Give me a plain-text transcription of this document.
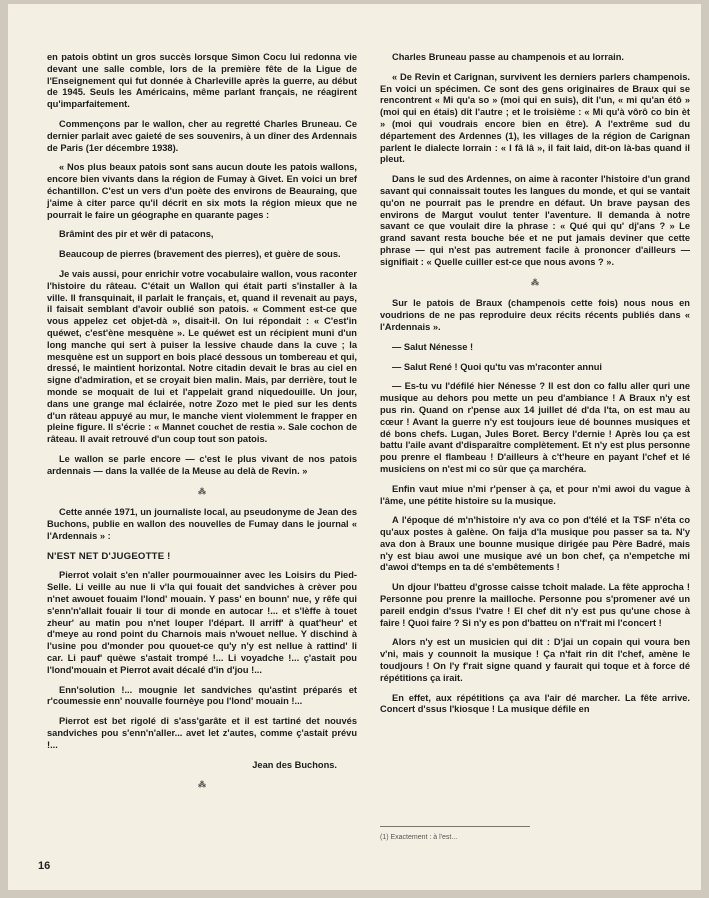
en patois obtint un gros succès lorsque Simon Cocu lui redonna vie devant une salle comble, lors de la première fête de la Ligue de l'Enseignement qui fut donnée à Charleville après la guerre, au début de 1945. Seuls les Américains, même parlant français, ne réagirent qu'imparfaitement.

Commençons par le wallon, cher au regretté Charles Bruneau. Ce dernier parlait avec gaieté de ses souvenirs, à un dîner des Ardennais de Paris (1er décembre 1938).

« Nos plus beaux patois sont sans aucun doute les patois wallons, encore bien vivants dans la région de Fumay à Givet. En voici un bref échantillon. C'est un vers d'un poète des environs de Beauraing, que j'aime à citer parce qu'il décrit en six mots la région mieux que ne pourrait le faire un géographe en quarante pages :

Brâmint des pir et wêr di patacons,

Beaucoup de pierres (bravement des pierres), et guère de sous.

Je vais aussi, pour enrichir votre vocabulaire wallon, vous raconter l'histoire du râteau. C'était un Wallon qui était parti s'installer à la ville. Il fransquinait, il parlait le français, et, quand il revenait au pays, il faisait semblant d'avoir oublié son patois. « Comment est-ce que vous appelez cet objet-dà », disait-il. On lui répondait : « C'est'in quéwet, c'est'ène mesquène ». Le quéwet est un récipient muni d'un long manche qui sert à puiser la lessive chaude dans la cuve ; la mesquène est un support en bois placé dessous un tombereau et qui, dressé, le maintient horizontal. Notre citadin devait le bras au ciel en signe d'admiration, et se croyait bien malin. Mais, par derrière, tout le monde se moquait de lui et l'appelait grand niquedouille. Un jour, dans une grange mal éclairée, notre Zozo met le pied sur les dents d'un râteau appuyé au mur, le manche vient violemment le frapper en pleine figure. Il s'écrie : « Mannet couchet de restia ». Sale cochon de râteau. Il avait retrouvé d'un coup tout son patois.

Le wallon se parle encore — c'est le plus vivant de nos patois ardennais — dans la vallée de la Meuse au delà de Revin. »

⁂

Cette année 1971, un journaliste local, au pseudonyme de Jean des Buchons, publie en wallon des nouvelles de Fumay dans le journal « l'Ardennais » :

N'EST NET D'JUGEOTTE !

Pierrot volait s'en n'aller pourmouainner avec les Loisirs du Pied-Selle. Li veille au nue li v'la qui fouait det sandviches à crèver pou n'net awouet fouaim l'lond' mouain. Y pass' en bounn' nue, y rêfe qui s'enn'n'allait fouair li tour di monde en autocar !... et s'lèffe à touet zheur' au matin pou n'net louper l'départ. Il arriff' à quat'heur' et d'meye au rond point du Charnois mais n'wouet nellue. Y dischind à l'usine pou d'monder pou quouet-ce qu'y n'y est nellue à rattind' li car. Li pauf' quèwe s'astait trompé !... Li voyadche !... ç'astait pou l'lond'mouain et Pierrot avait décalé d'in d'jou !...

Enn'solution !... mougnie let sandviches qu'astint préparés et r'coumessie enn' nouvalle fournèye pou l'lond' mouain !...

Pierrot est bet rigolé di s'ass'garâte et il est tartiné det nouvés sandviches pou s'enn'n'aller... avet let z'autes, comme ç'astait prévu !...

Jean des Buchons.

⁂

Charles Bruneau passe au champenois et au lorrain.

« De Revin et Carignan, survivent les derniers parlers champenois. En voici un spécimen. Ce sont des gens originaires de Braux qui se rencontrent « Mi qu'a so » (moi qui en suis), dit l'un, « mi qu'an étô » (moi qui en étais) dit l'autre ; et le troisième : « Mi qu'à vôrô co bin èt » (moi qui voudrais encore bien en être). A l'extrême sud du département des Ardennes (1), les villages de la région de Carignan parlent le dialecte lorrain : « I fâ lâ », il fait laid, dit-on là-bas quand il pleut.

Dans le sud des Ardennes, on aime à raconter l'histoire d'un grand savant qui connaissait toutes les langues du monde, et qui se vantait qu'on ne pourrait pas le prendre en défaut. Un brave paysan des environs de Margut voulut tenter l'aventure. Il demanda à notre savant ce que voulait dire la phrase : « Qué qui qu' dj'ans ? » Le grand savant resta bouche bée et ne put jamais deviner que cette phrase — qui n'est pas autrement facile à prononcer d'ailleurs — signifiait : « Quelle cuiller est-ce que nous avons ? ».

⁂

Sur le patois de Braux (champenois cette fois) nous nous en voudrions de ne pas reproduire deux récits récents publiés dans « l'Ardennais ».

— Salut Nénesse !

— Salut René ! Quoi qu'tu vas m'raconter annui

— Es-tu vu l'défilé hier Nénesse ? Il est don co fallu aller quri une musique au dehors pou mette un peu d'ambiance ! A Braux n'y est pus rin. Quand on r'pense aux 14 juillet dé d'da l'ta, on est mau au cœur ! Avant la guerre n'y est toujours ieue dé bounnes musiques et dé bons chefs. Lugan, Jules Boret. Bercy l'dernie ! Après lou ça est battu l'aile avant d'disparaître complètement. Et n'y est plus personne pou prenre el flambeau ! D'ailleurs à c't'heure en payant l'chef et lé musiciens on n'est mi co sûr que ça marchéra.

Enfin vaut miue n'mi r'penser à ça, et pour n'mi awoi du vague à l'âme, une pétite histoire su la musique.

A l'époque dé m'n'histoire n'y ava co pon d'télé et la TSF n'éta co qu'aux postes à galène. On faija d'la musique pou passer sa ta. N'y ava don à Braux une bounne musique dirigée pau Père Badré, mais n'y est biau awoi une musique avé un bon chef, ça n'empetche mi d'awoi d'temps en ta dé s'embêtements !

Un djour l'batteu d'grosse caisse tchoit malade. La fête approcha ! Personne pou prenre la mailloche. Personne pou s'promener avé un pareil endgin d'ssus l'vatre ! El chef dit n'y est pus qu'une chose à faire ! Quoi faire ? Si n'y es pon d'batteu on n'f'rait mi l'concert !

Alors n'y est un musicien qui dit : D'jai un copain qui voura ben v'ni, mais y counnoit la musique ! Ça n'fait rin dit l'chef, amène le toudjours ! On l'y f'rait signe quand y faurait qui toque et à force dé répétitions ça irait.

En effet, aux répétitions ça ava l'air dé marcher. La fête arrive. Concert d'ssus l'kiosque ! La musique défile en

(1) Exactement : à l'est...
16
